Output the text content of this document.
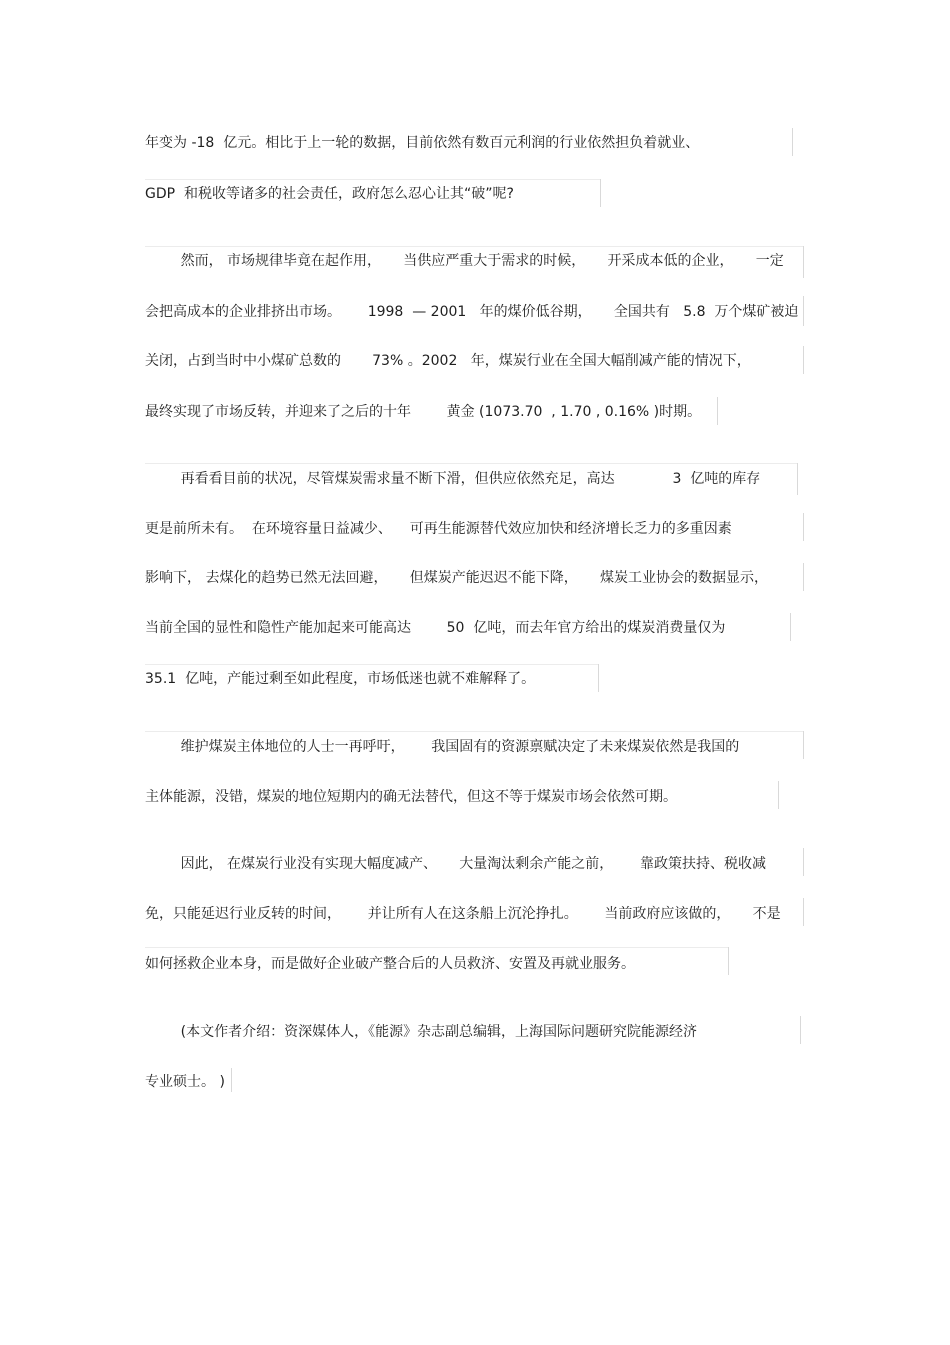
年变为 -18  亿元。相比于上一轮的数据，目前依然有数百元利润的行业依然担负着就业、
GDP  和税收等诸多的社会责任，政府怎么忍心让其“破”呢?
然而， 市场规律毕竟在起作用，     当供应严重大于需求的时候，     开采成本低的企业，     一定
会把高成本的企业排挤出市场。      1998  — 2001   年的煤价低谷期，     全国共有   5.8  万个煤矿被迫
关闭，占到当时中小煤矿总数的       73% 。2002   年，煤炭行业在全国大幅削减产能的情况下，
最终实现了市场反转，并迎来了之后的十年        黄金 (1073.70  , 1.70 , 0.16% )时期。
再看看目前的状况，尽管煤炭需求量不断下滑，但供应依然充足，高达             3  亿吨的库存
更是前所未有。  在环境容量日益减少、    可再生能源替代效应加快和经济增长乏力的多重因素
影响下， 去煤化的趋势已然无法回避，     但煤炭产能迟迟不能下降，     煤炭工业协会的数据显示，
当前全国的显性和隐性产能加起来可能高达        50  亿吨，而去年官方给出的煤炭消费量仅为
35.1  亿吨，产能过剩至如此程度，市场低迷也就不难解释了。
维护煤炭主体地位的人士一再呼吁，      我国固有的资源禀赋决定了未来煤炭依然是我国的
主体能源，没错，煤炭的地位短期内的确无法替代，但这不等于煤炭市场会依然可期。
因此， 在煤炭行业没有实现大幅度减产、     大量淘汰剩余产能之前，      靠政策扶持、税收减
免，只能延迟行业反转的时间，      并让所有人在这条船上沉沦挣扎。      当前政府应该做的，     不是
如何拯救企业本身，而是做好企业破产整合后的人员救济、安置及再就业服务。
(本文作者介绍：资深媒体人，《能源》杂志副总编辑，上海国际问题研究院能源经济
专业硕士。 )
